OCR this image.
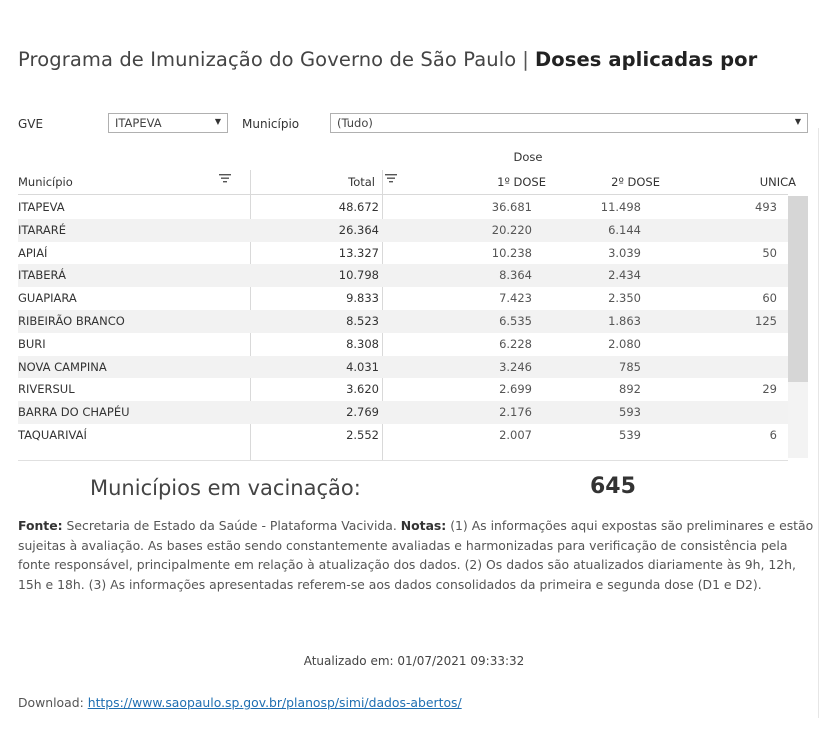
Programa de Imunização do Governo de São Paulo | Doses aplicadas por
GVE	ITAPEVA	▼ Município	(Tudo)	▼
Dose
Município	Total	1º DOSE	2º DOSE	UNICA
ITAPEVA	48.672	36.681	11.498	493
ITARARÉ	26.364	20.220	6.144
APIAÍ	13.327	10.238	3.039	50
ITABERÁ	10.798	8.364	2.434
GUAPIARA	9.833	7.423	2.350	60
RIBEIRÃO BRANCO	8.523	6.535	1.863	125
BURI	8.308	6.228	2.080
NOVA CAMPINA	4.031	3.246	785
RIVERSUL	3.620	2.699	892	29
BARRA DO CHAPÉU	2.769	2.176	593
TAQUARIVAÍ	2.552	2.007	539	6
Municípios em vacinação:	645
Fonte: Secretaria de Estado da Saúde - Plataforma Vacivida. Notas: (1) As informações aqui expostas são preliminares e estão sujeitas à avaliação. As bases estão sendo constantemente avaliadas e harmonizadas para verificação de consistência pela fonte responsável, principalmente em relação à atualização dos dados. (2) Os dados são atualizados diariamente às 9h, 12h, 15h e 18h. (3) As informações apresentadas referem-se aos dados consolidados da primeira e segunda dose (D1 e D2).
Atualizado em: 01/07/2021 09:33:32
Download: https://www.saopaulo.sp.gov.br/planosp/simi/dados-abertos/
